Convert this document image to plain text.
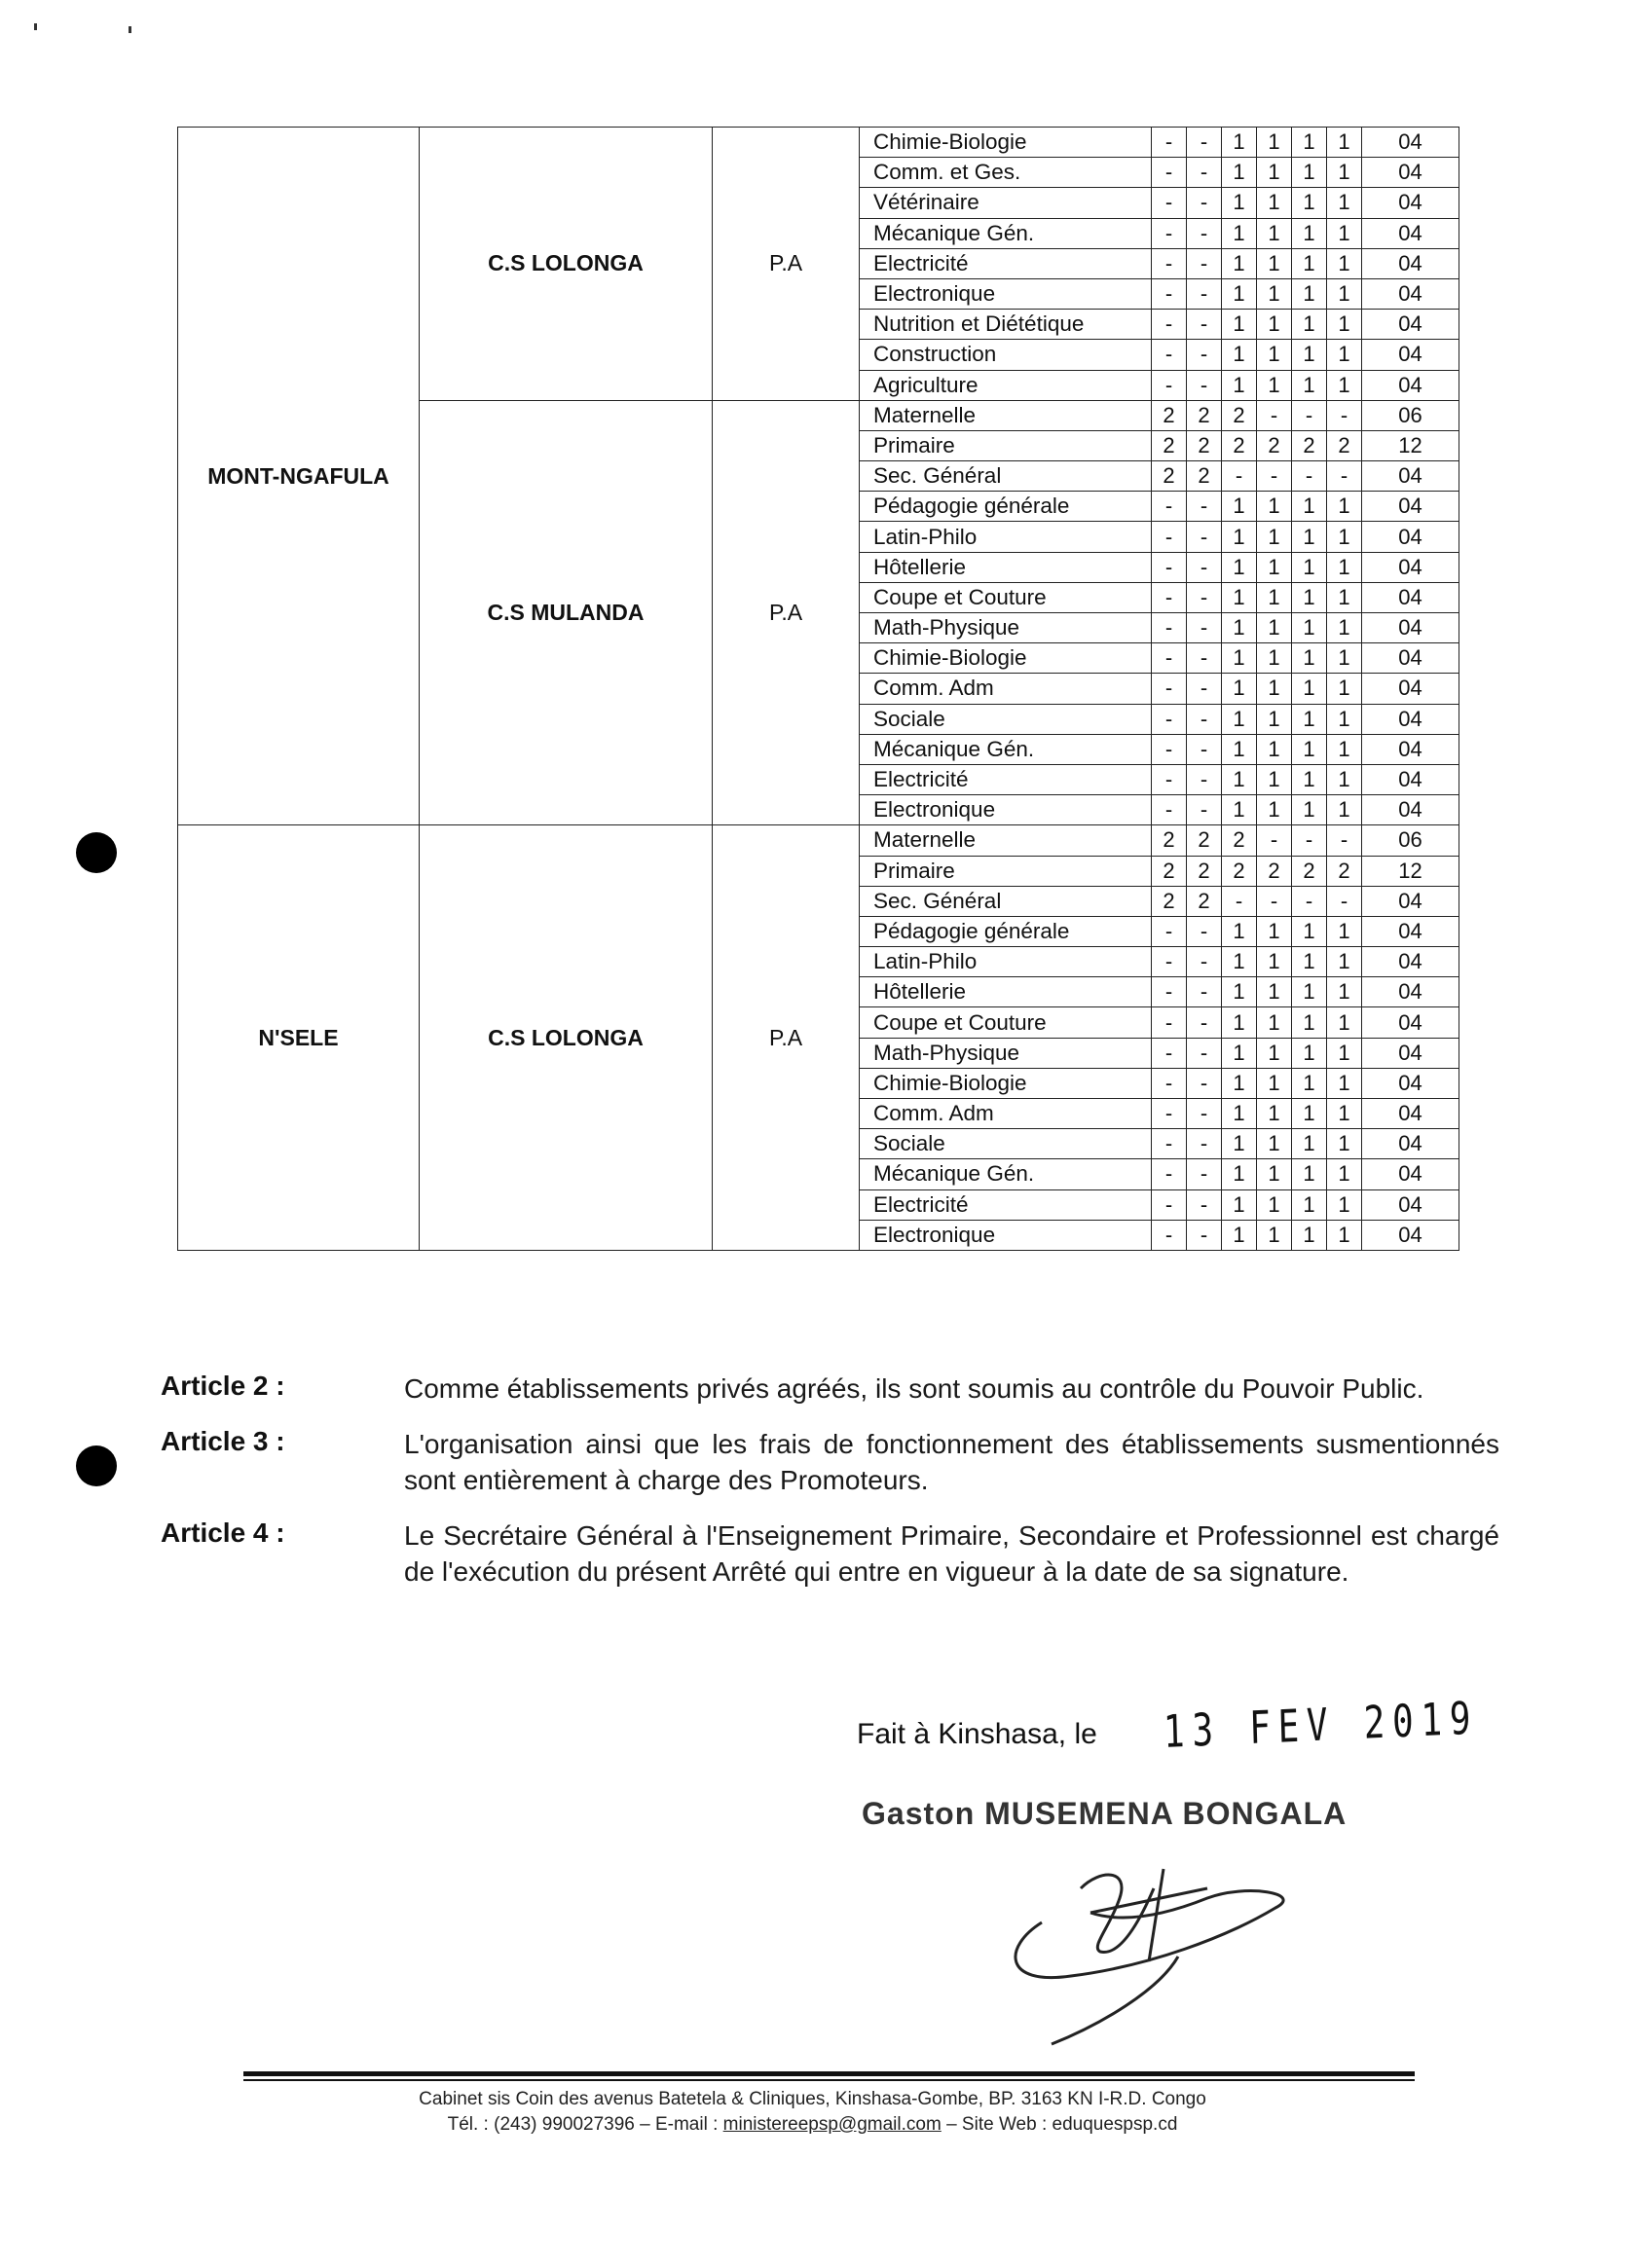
MONT-NGAFULA	C.S LOLONGA	P.A	Chimie-Biologie	-	-	1	1	1	1	04
			Comm. et Ges.	-	-	1	1	1	1	04
			Vétérinaire	-	-	1	1	1	1	04
			Mécanique Gén.	-	-	1	1	1	1	04
			Electricité	-	-	1	1	1	1	04
			Electronique	-	-	1	1	1	1	04
			Nutrition et Diététique	-	-	1	1	1	1	04
			Construction	-	-	1	1	1	1	04
			Agriculture	-	-	1	1	1	1	04
	C.S MULANDA	P.A	Maternelle	2	2	2	-	-	-	06
			Primaire	2	2	2	2	2	2	12
			Sec. Général	2	2	-	-	-	-	04
			Pédagogie générale	-	-	1	1	1	1	04
			Latin-Philo	-	-	1	1	1	1	04
			Hôtellerie	-	-	1	1	1	1	04
			Coupe et Couture	-	-	1	1	1	1	04
			Math-Physique	-	-	1	1	1	1	04
			Chimie-Biologie	-	-	1	1	1	1	04
			Comm. Adm	-	-	1	1	1	1	04
			Sociale	-	-	1	1	1	1	04
			Mécanique Gén.	-	-	1	1	1	1	04
			Electricité	-	-	1	1	1	1	04
			Electronique	-	-	1	1	1	1	04
N'SELE	C.S LOLONGA	P.A	Maternelle	2	2	2	-	-	-	06
			Primaire	2	2	2	2	2	2	12
			Sec. Général	2	2	-	-	-	-	04
			Pédagogie générale	-	-	1	1	1	1	04
			Latin-Philo	-	-	1	1	1	1	04
			Hôtellerie	-	-	1	1	1	1	04
			Coupe et Couture	-	-	1	1	1	1	04
			Math-Physique	-	-	1	1	1	1	04
			Chimie-Biologie	-	-	1	1	1	1	04
			Comm. Adm	-	-	1	1	1	1	04
			Sociale	-	-	1	1	1	1	04
			Mécanique Gén.	-	-	1	1	1	1	04
			Electricité	-	-	1	1	1	1	04
			Electronique	-	-	1	1	1	1	04
Article 2 :	Comme établissements privés agréés, ils sont soumis au contrôle du Pouvoir Public.
Article 3 :	L'organisation ainsi que les frais de fonctionnement des établissements susmentionnés sont entièrement à charge des Promoteurs.
Article 4 :	Le Secrétaire Général à l'Enseignement Primaire, Secondaire et Professionnel est chargé de l'exécution du présent Arrêté qui entre en vigueur à la date de sa signature.
Fait à Kinshasa, le 13 FEV 2019
Gaston MUSEMENA BONGALA
Cabinet sis Coin des avenus Batetela & Cliniques, Kinshasa-Gombe, BP. 3163 KN I-R.D. Congo
Tél. : (243) 990027396 – E-mail : ministereepsp@gmail.com – Site Web : eduquespsp.cd
